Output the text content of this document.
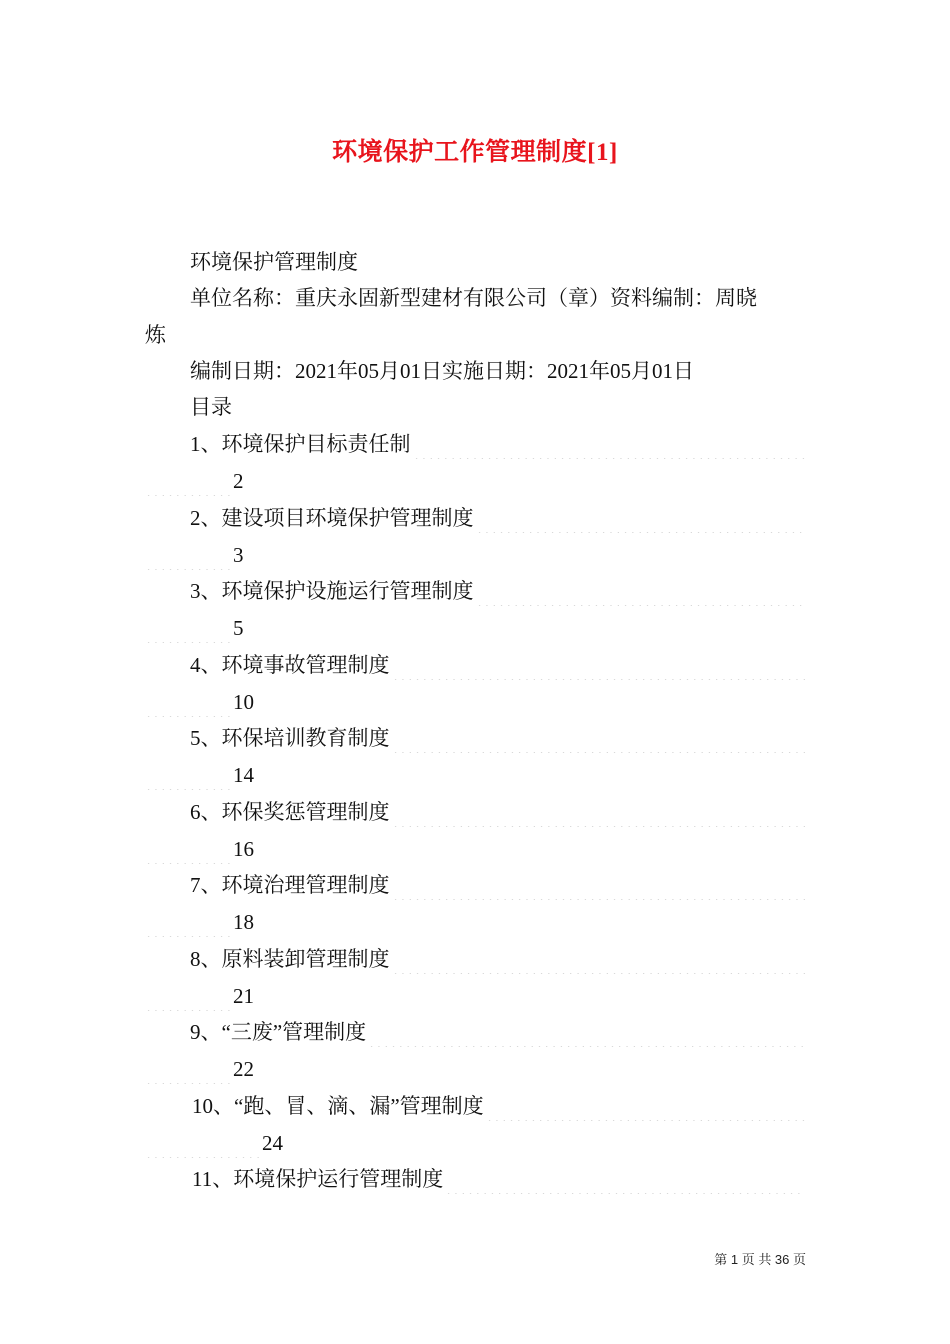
环境保护工作管理制度[1]
环境保护管理制度
单位名称：重庆永固新型建材有限公司（章）资料编制：周晓
炼
编制日期：2021年05月01日实施日期：2021年05月01日
目录
1、环境保护目标责任制
2
2、建设项目环境保护管理制度
3
3、环境保护设施运行管理制度
5
4、环境事故管理制度
10
5、环保培训教育制度
14
6、环保奖惩管理制度
16
7、环境治理管理制度
18
8、原料装卸管理制度
21
9、“三废”管理制度
22
10、“跑、冒、滴、漏”管理制度
24
11、环境保护运行管理制度
第 1 页 共 36 页
